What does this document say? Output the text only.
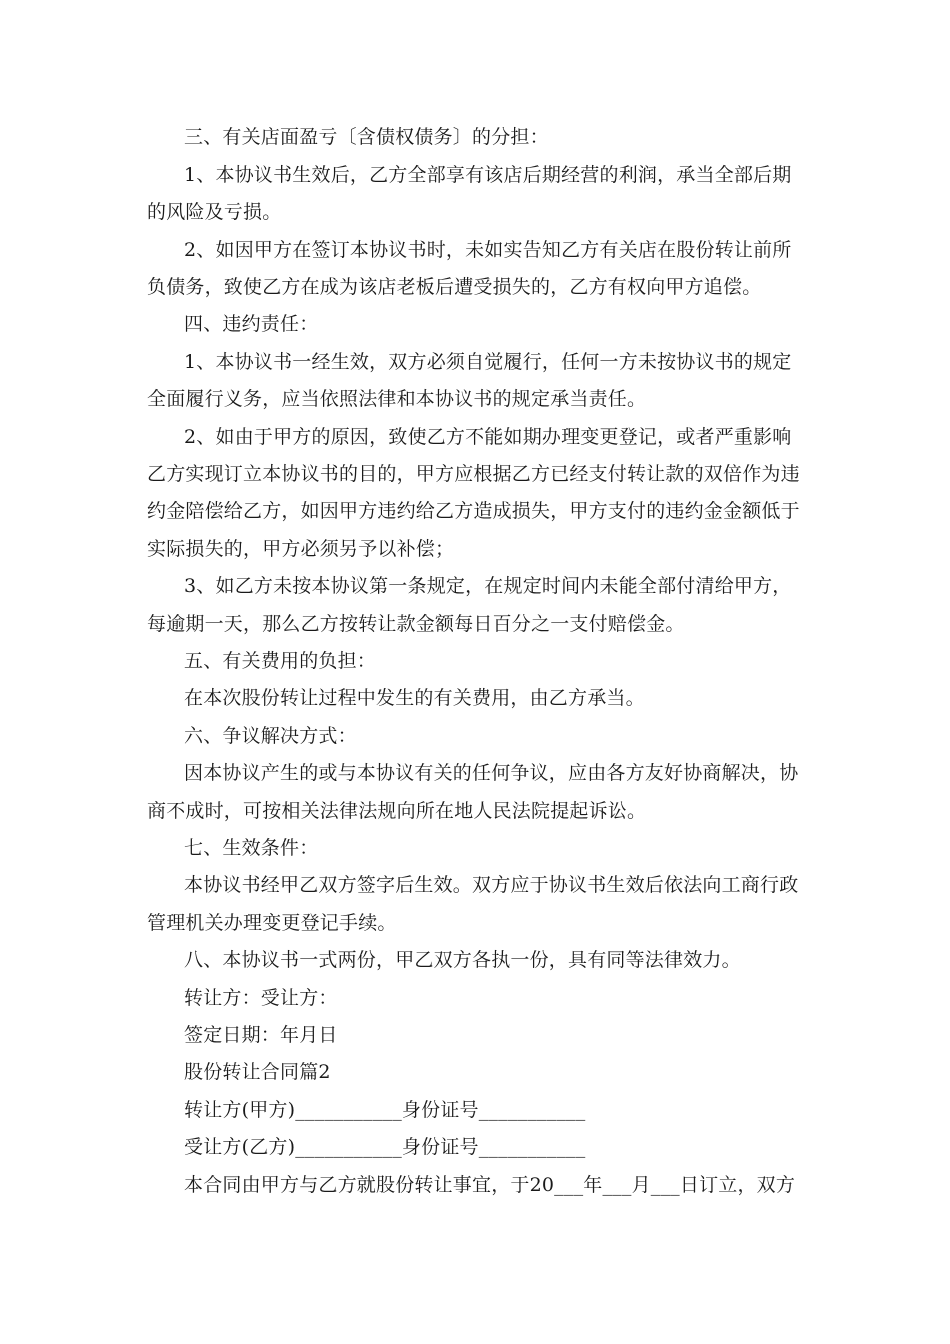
三、有关店面盈亏〔含债权债务〕的分担：
1、本协议书生效后，乙方全部享有该店后期经营的利润，承当全部后期
的风险及亏损。
2、如因甲方在签订本协议书时，未如实告知乙方有关店在股份转让前所
负债务，致使乙方在成为该店老板后遭受损失的，乙方有权向甲方追偿。
四、违约责任：
1、本协议书一经生效，双方必须自觉履行，任何一方未按协议书的规定
全面履行义务，应当依照法律和本协议书的规定承当责任。
2、如由于甲方的原因，致使乙方不能如期办理变更登记，或者严重影响
乙方实现订立本协议书的目的，甲方应根据乙方已经支付转让款的双倍作为违
约金陪偿给乙方，如因甲方违约给乙方造成损失，甲方支付的违约金金额低于
实际损失的，甲方必须另予以补偿；
3、如乙方未按本协议第一条规定，在规定时间内未能全部付清给甲方，
每逾期一天，那么乙方按转让款金额每日百分之一支付赔偿金。
五、有关费用的负担：
在本次股份转让过程中发生的有关费用，由乙方承当。
六、争议解决方式：
因本协议产生的或与本协议有关的任何争议，应由各方友好协商解决，协
商不成时，可按相关法律法规向所在地人民法院提起诉讼。
七、生效条件：
本协议书经甲乙双方签字后生效。双方应于协议书生效后依法向工商行政
管理机关办理变更登记手续。
八、本协议书一式两份，甲乙双方各执一份，具有同等法律效力。
转让方：受让方：
签定日期：年月日
股份转让合同篇2
转让方(甲方)___________身份证号___________
受让方(乙方)___________身份证号___________
本合同由甲方与乙方就股份转让事宜，于20___年___月___日订立，双方
